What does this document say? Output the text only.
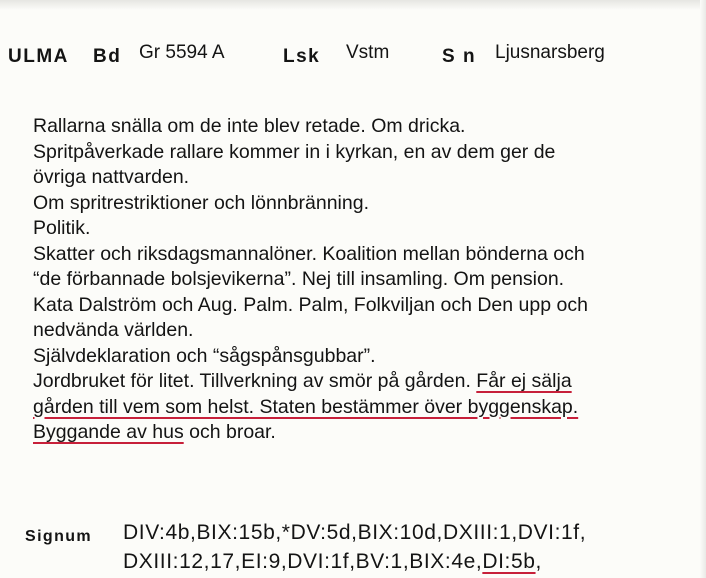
ULMA Bd Gr 5594 A	Lsk Vstm	S n Ljusnarsberg
Rallarna snälla om de inte blev retade. Om dricka.
Spritpåverkade rallare kommer in i kyrkan, en av dem ger de
övriga nattvarden.
Om spritrestriktioner och lönnbränning.
Politik.
Skatter och riksdagsmannalöner. Koalition mellan bönderna och
“de förbannade bolsjevikerna”. Nej till insamling. Om pension.
Kata Dalström och Aug. Palm. Palm, Folkviljan och Den upp och
nedvända världen.
Självdeklaration och “sågspånsgubbar”.
Jordbruket för litet. Tillverkning av smör på gården. Får ej sälja
gården till vem som helst. Staten bestämmer över byggenskap.
Byggande av hus och broar.
Signum DIV:4b,BIX:15b,*DV:5d,BIX:10d,DXIII:1,DVI:1f,
DXIII:12,17,EI:9,DVI:1f,BV:1,BIX:4e,DI:5b,
